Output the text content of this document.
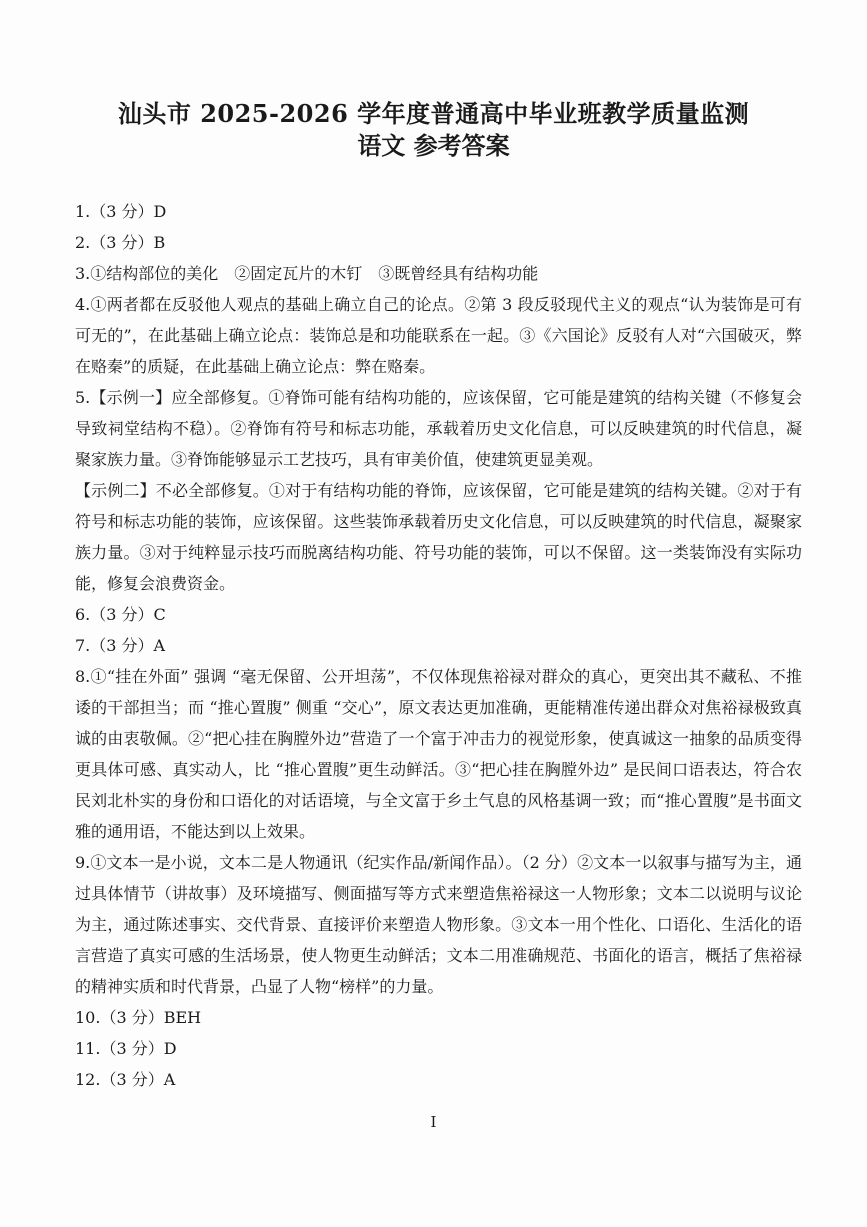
汕头市 2025-2026 学年度普通高中毕业班教学质量监测
语文 参考答案

1.（3 分）D

2.（3 分）B

3.①结构部位的美化　②固定瓦片的木钉　③既曾经具有结构功能

4.①两者都在反驳他人观点的基础上确立自己的论点。②第 3 段反驳现代主义的观点“认为装饰是可有可无的”，在此基础上确立论点：装饰总是和功能联系在一起。③《六国论》反驳有人对“六国破灭，弊在赂秦”的质疑，在此基础上确立论点：弊在赂秦。

5.【示例一】应全部修复。①脊饰可能有结构功能的，应该保留，它可能是建筑的结构关键（不修复会导致祠堂结构不稳）。②脊饰有符号和标志功能，承载着历史文化信息，可以反映建筑的时代信息，凝聚家族力量。③脊饰能够显示工艺技巧，具有审美价值，使建筑更显美观。

【示例二】不必全部修复。①对于有结构功能的脊饰，应该保留，它可能是建筑的结构关键。②对于有符号和标志功能的装饰，应该保留。这些装饰承载着历史文化信息，可以反映建筑的时代信息，凝聚家族力量。③对于纯粹显示技巧而脱离结构功能、符号功能的装饰，可以不保留。这一类装饰没有实际功能，修复会浪费资金。

6.（3 分）C

7.（3 分）A

8.①“挂在外面” 强调 “毫无保留、公开坦荡”，不仅体现焦裕禄对群众的真心，更突出其不藏私、不推诿的干部担当；而 “推心置腹” 侧重 “交心”，原文表达更加准确，更能精准传递出群众对焦裕禄极致真诚的由衷敬佩。②“把心挂在胸膛外边”营造了一个富于冲击力的视觉形象，使真诚这一抽象的品质变得更具体可感、真实动人，比 “推心置腹”更生动鲜活。③“把心挂在胸膛外边” 是民间口语表达，符合农民刘北朴实的身份和口语化的对话语境，与全文富于乡土气息的风格基调一致；而“推心置腹”是书面文雅的通用语，不能达到以上效果。

9.①文本一是小说，文本二是人物通讯（纪实作品/新闻作品）。（2 分）②文本一以叙事与描写为主，通过具体情节（讲故事）及环境描写、侧面描写等方式来塑造焦裕禄这一人物形象；文本二以说明与议论为主，通过陈述事实、交代背景、直接评价来塑造人物形象。③文本一用个性化、口语化、生活化的语言营造了真实可感的生活场景，使人物更生动鲜活；文本二用准确规范、书面化的语言，概括了焦裕禄的精神实质和时代背景，凸显了人物“榜样”的力量。

10.（3 分）BEH

11.（3 分）D

12.（3 分）A

I
